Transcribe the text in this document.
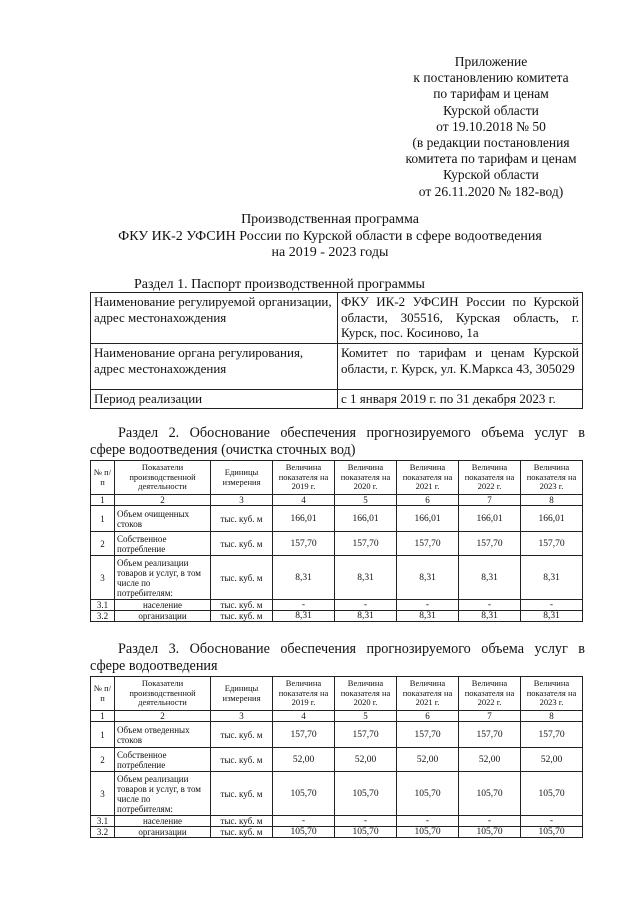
Приложение
к постановлению комитета
по тарифам и ценам
Курской области
от 19.10.2018 № 50
(в редакции постановления
комитета по тарифам и ценам
Курской области
от 26.11.2020 № 182-вод)
Производственная программа
ФКУ ИК-2 УФСИН России по Курской области в сфере водоотведения
на 2019 - 2023 годы
Раздел 1. Паспорт производственной программы
Наименование регулируемой организации, адрес местонахождения	ФКУ ИК-2 УФСИН России по Курской области, 305516, Курская область, г. Курск, пос. Косиново, 1а
Наименование органа регулирования, адрес местонахождения	Комитет по тарифам и ценам Курской области, г. Курск, ул. К.Маркса 43, 305029
Период реализации	с 1 января 2019 г. по 31 декабря 2023 г.
Раздел 2. Обоснование обеспечения прогнозируемого объема услуг в
сфере водоотведения (очистка сточных вод)
№ п/п	Показатели производственной деятельности	Единицы измерения	Величина показателя на 2019 г.	Величина показателя на 2020 г.	Величина показателя на 2021 г.	Величина показателя на 2022 г.	Величина показателя на 2023 г.
1	2	3	4	5	6	7	8
1	Объем очищенных стоков	тыс. куб. м	166,01	166,01	166,01	166,01	166,01
2	Собственное потребление	тыс. куб. м	157,70	157,70	157,70	157,70	157,70
3	Объем реализации товаров и услуг, в том числе по потребителям:	тыс. куб. м	8,31	8,31	8,31	8,31	8,31
3.1	население	тыс. куб. м	-	-	-	-	-
3.2	организации	тыс. куб. м	8,31	8,31	8,31	8,31	8,31
Раздел 3. Обоснование обеспечения прогнозируемого объема услуг в
сфере водоотведения
№ п/п	Показатели производственной деятельности	Единицы измерения	Величина показателя на 2019 г.	Величина показателя на 2020 г.	Величина показателя на 2021 г.	Величина показателя на 2022 г.	Величина показателя на 2023 г.
1	2	3	4	5	6	7	8
1	Объем отведенных стоков	тыс. куб. м	157,70	157,70	157,70	157,70	157,70
2	Собственное потребление	тыс. куб. м	52,00	52,00	52,00	52,00	52,00
3	Объем реализации товаров и услуг, в том числе по потребителям:	тыс. куб. м	105,70	105,70	105,70	105,70	105,70
3.1	население	тыс. куб. м	-	-	-	-	-
3.2	организации	тыс. куб. м	105,70	105,70	105,70	105,70	105,70
